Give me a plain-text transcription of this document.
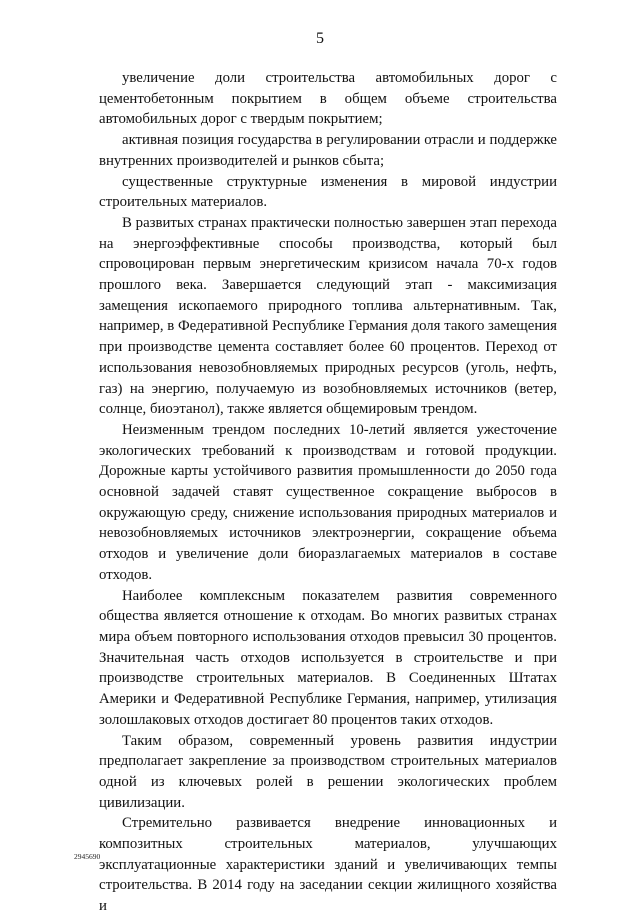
5

увеличение доли строительства автомобильных дорог с цементобетонным покрытием в общем объеме строительства автомобильных дорог с твердым покрытием;

активная позиция государства в регулировании отрасли и поддержке внутренних производителей и рынков сбыта;

существенные структурные изменения в мировой индустрии строительных материалов.

В развитых странах практически полностью завершен этап перехода на энергоэффективные способы производства, который был спровоцирован первым энергетическим кризисом начала 70-х годов прошлого века. Завершается следующий этап - максимизация замещения ископаемого природного топлива альтернативным. Так, например, в Федеративной Республике Германия доля такого замещения при производстве цемента составляет более 60 процентов. Переход от использования невозобновляемых природных ресурсов (уголь, нефть, газ) на энергию, получаемую из возобновляемых источников (ветер, солнце, биоэтанол), также является общемировым трендом.

Неизменным трендом последних 10-летий является ужесточение экологических требований к производствам и готовой продукции. Дорожные карты устойчивого развития промышленности до 2050 года основной задачей ставят существенное сокращение выбросов в окружающую среду, снижение использования природных материалов и невозобновляемых источников электроэнергии, сокращение объема отходов и увеличение доли биоразлагаемых материалов в составе отходов.

Наиболее комплексным показателем развития современного общества является отношение к отходам. Во многих развитых странах мира объем повторного использования отходов превысил 30 процентов. Значительная часть отходов используется в строительстве и при производстве строительных материалов. В Соединенных Штатах Америки и Федеративной Республике Германия, например, утилизация золошлаковых отходов достигает 80 процентов таких отходов.

Таким образом, современный уровень развития индустрии предполагает закрепление за производством строительных материалов одной из ключевых ролей в решении экологических проблем цивилизации.

Стремительно развивается внедрение инновационных и композитных строительных материалов, улучшающих эксплуатационные характеристики зданий и увеличивающих темпы строительства. В 2014 году на заседании секции жилищного хозяйства и

2945690
